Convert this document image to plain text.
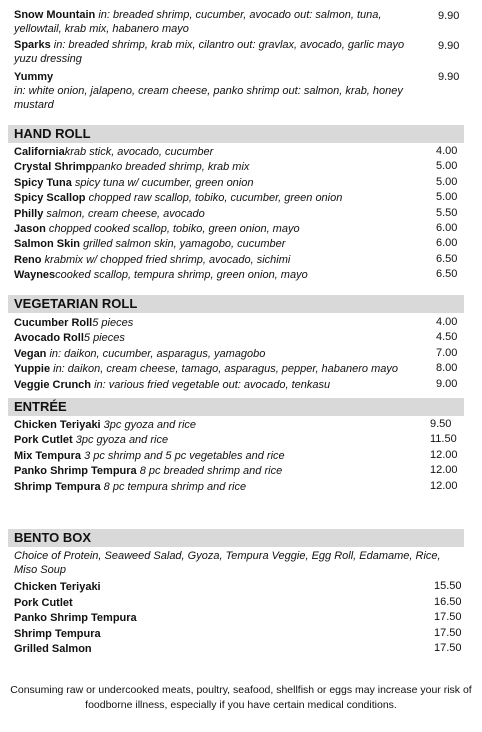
Snow Mountain in: breaded shrimp, cucumber, avocado out: salmon, tuna, yellowtail, krab mix, habanero mayo
9.90
Sparks in: breaded shrimp, krab mix, cilantro out: gravlax, avocado, garlic mayo yuzu dressing
9.90
Yummy
in: white onion, jalapeno, cream cheese, panko shrimp out: salmon, krab, honey mustard
9.90
HAND ROLL
Californiakrab stick, avocado, cucumber	4.00
Crystal Shrimppanko breaded shrimp, krab mix	5.00
Spicy Tuna spicy tuna w/ cucumber, green onion	5.00
Spicy Scallop chopped raw scallop, tobiko, cucumber, green onion	5.00
Philly salmon, cream cheese, avocado	5.50
Jason chopped cooked scallop, tobiko, green onion, mayo	6.00
Salmon Skin grilled salmon skin, yamagobo, cucumber	6.00
Reno krabmix w/ chopped fried shrimp, avocado, sichimi	6.50
Waynescooked scallop, tempura shrimp, green onion, mayo	6.50
VEGETARIAN ROLL
Cucumber Roll5 pieces	4.00
Avocado Roll5 pieces	4.50
Vegan in: daikon, cucumber, asparagus, yamagobo	7.00
Yuppie in: daikon, cream cheese, tamago, asparagus, pepper, habanero mayo	8.00
Veggie Crunch in: various fried vegetable out: avocado, tenkasu	9.00
ENTRÉE
Chicken Teriyaki 3pc gyoza and rice	9.50
Pork Cutlet 3pc gyoza and rice	11.50
Mix Tempura 3 pc shrimp and 5 pc vegetables and rice	12.00
Panko Shrimp Tempura 8 pc breaded shrimp and rice	12.00
Shrimp Tempura 8 pc tempura shrimp and rice	12.00
BENTO BOX
Choice of Protein, Seaweed Salad, Gyoza, Tempura Veggie, Egg Roll, Edamame, Rice, Miso Soup
Chicken Teriyaki	15.50
Pork Cutlet	16.50
Panko Shrimp Tempura	17.50
Shrimp Tempura	17.50
Grilled Salmon	17.50
Consuming raw or undercooked meats, poultry, seafood, shellfish or eggs may increase your risk of foodborne illness, especially if you have certain medical conditions.
